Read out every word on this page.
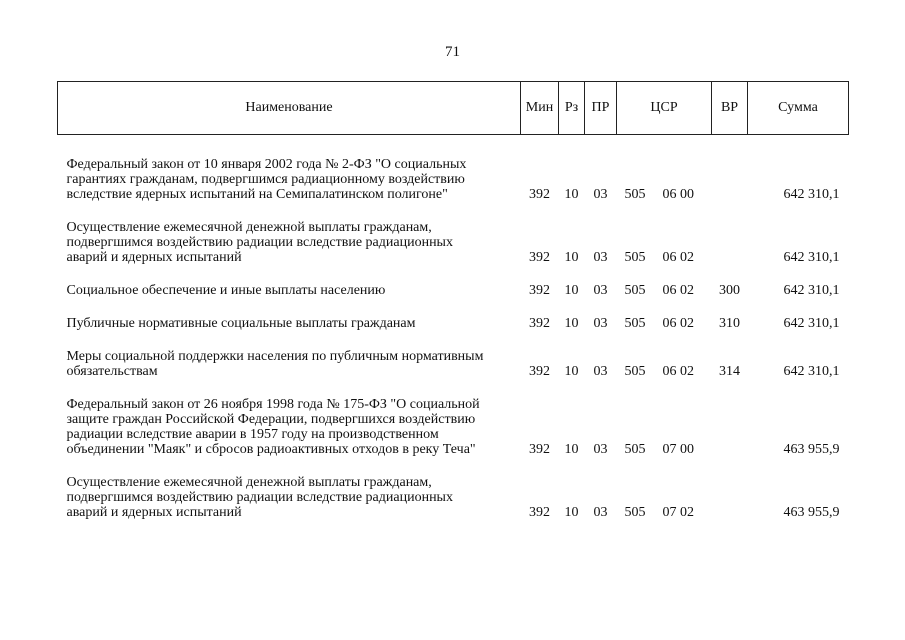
71
Наименование	Мин	Рз	ПР	ЦСР	ВР	Сумма

Федеральный закон от 10 января 2002 года № 2-ФЗ "О социальных
гарантиях гражданам, подвергшимся радиационному воздействию
вследствие ядерных испытаний на Семипалатинском полигоне"	392	10	03	505 06 00		642 310,1

Осуществление ежемесячной денежной выплаты гражданам,
подвергшимся воздействию радиации вследствие радиационных
аварий и ядерных испытаний	392	10	03	505 06 02		642 310,1

Социальное обеспечение и иные выплаты населению	392	10	03	505 06 02	300	642 310,1

Публичные нормативные социальные выплаты гражданам	392	10	03	505 06 02	310	642 310,1

Меры социальной поддержки населения по публичным нормативным
обязательствам	392	10	03	505 06 02	314	642 310,1

Федеральный закон от 26 ноября 1998 года № 175-ФЗ "О социальной
защите граждан Российской Федерации, подвергшихся воздействию
радиации вследствие аварии в 1957 году на производственном
объединении "Маяк" и сбросов радиоактивных отходов в реку Теча"	392	10	03	505 07 00		463 955,9

Осуществление ежемесячной денежной выплаты гражданам,
подвергшимся воздействию радиации вследствие радиационных
аварий и ядерных испытаний	392	10	03	505 07 02		463 955,9
